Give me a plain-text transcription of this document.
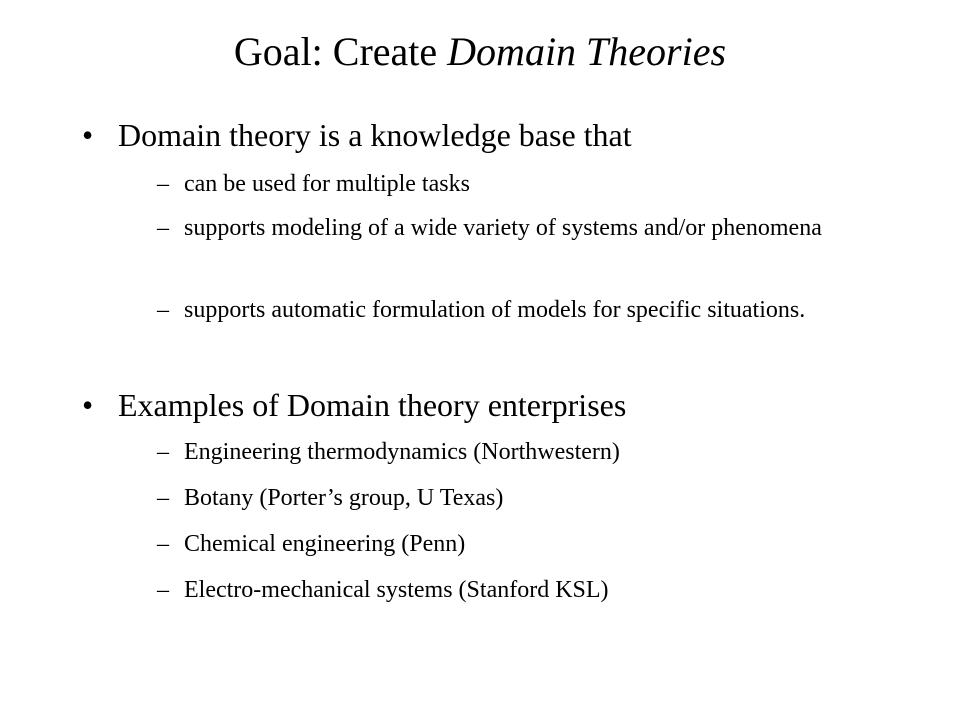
Goal: Create Domain Theories
• Domain theory is a knowledge base that
– can be used for multiple tasks
– supports modeling of a wide variety of systems and/or phenomena
– supports automatic formulation of models for specific situations.
• Examples of Domain theory enterprises
– Engineering thermodynamics (Northwestern)
– Botany (Porter’s group, U Texas)
– Chemical engineering (Penn)
– Electro-mechanical systems (Stanford KSL)
